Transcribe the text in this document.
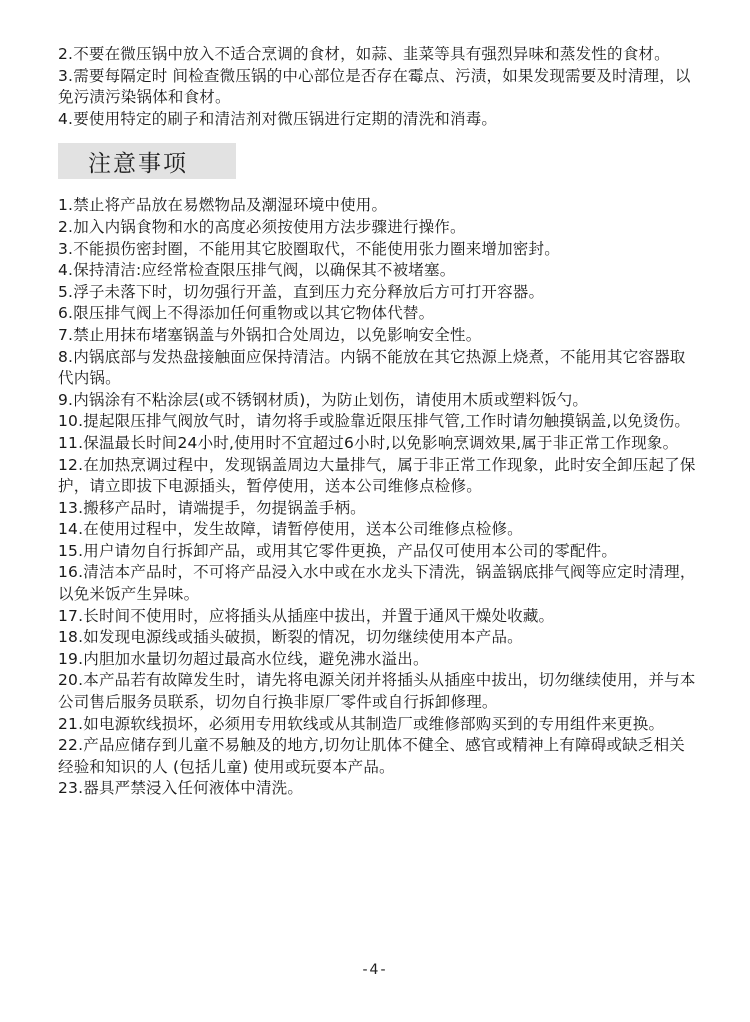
2.不要在微压锅中放入不适合烹调的食材，如蒜、韭菜等具有强烈异味和蒸发性的食材。

3.需要每隔定时 间检查微压锅的中心部位是否存在霉点、污渍，如果发现需要及时清理，以免污渍污染锅体和食材。

4.要使用特定的刷子和清洁剂对微压锅进行定期的清洗和消毒。

注意事项

1.禁止将产品放在易燃物品及潮湿环境中使用。

2.加入内锅食物和水的高度必须按使用方法步骤进行操作。

3.不能损伤密封圈，不能用其它胶圈取代，不能使用张力圈来增加密封。

4.保持清洁:应经常检查限压排气阀，以确保其不被堵塞。

5.浮子未落下时，切勿强行开盖，直到压力充分释放后方可打开容器。

6.限压排气阀上不得添加任何重物或以其它物体代替。

7.禁止用抹布堵塞锅盖与外锅扣合处周边，以免影响安全性。

8.内锅底部与发热盘接触面应保持清洁。内锅不能放在其它热源上烧煮，不能用其它容器取代内锅。

9.内锅涂有不粘涂层(或不锈钢材质)，为防止划伤，请使用木质或塑料饭勺。

10.提起限压排气阀放气时，请勿将手或脸靠近限压排气管,工作时请勿触摸锅盖,以免烫伤。

11.保温最长时间24小时,使用时不宜超过6小时,以免影响烹调效果,属于非正常工作现象。

12.在加热烹调过程中，发现锅盖周边大量排气，属于非正常工作现象，此时安全卸压起了保护，请立即拔下电源插头，暂停使用，送本公司维修点检修。

13.搬移产品时，请端提手，勿提锅盖手柄。

14.在使用过程中，发生故障，请暂停使用，送本公司维修点检修。

15.用户请勿自行拆卸产品，或用其它零件更换，产品仅可使用本公司的零配件。

16.清洁本产品时，不可将产品浸入水中或在水龙头下清洗，锅盖锅底排气阀等应定时清理，以免米饭产生异味。

17.长时间不使用时，应将插头从插座中拔出，并置于通风干燥处收藏。

18.如发现电源线或插头破损，断裂的情况，切勿继续使用本产品。

19.内胆加水量切勿超过最高水位线，避免沸水溢出。

20.本产品若有故障发生时，请先将电源关闭并将插头从插座中拔出，切勿继续使用，并与本公司售后服务员联系，切勿自行换非原厂零件或自行拆卸修理。

21.如电源软线损坏，必须用专用软线或从其制造厂或维修部购买到的专用组件来更换。

22.产品应储存到儿童不易触及的地方,切勿让肌体不健全、感官或精神上有障碍或缺乏相关经验和知识的人 (包括儿童) 使用或玩耍本产品。

23.器具严禁浸入任何液体中清洗。

-4-
